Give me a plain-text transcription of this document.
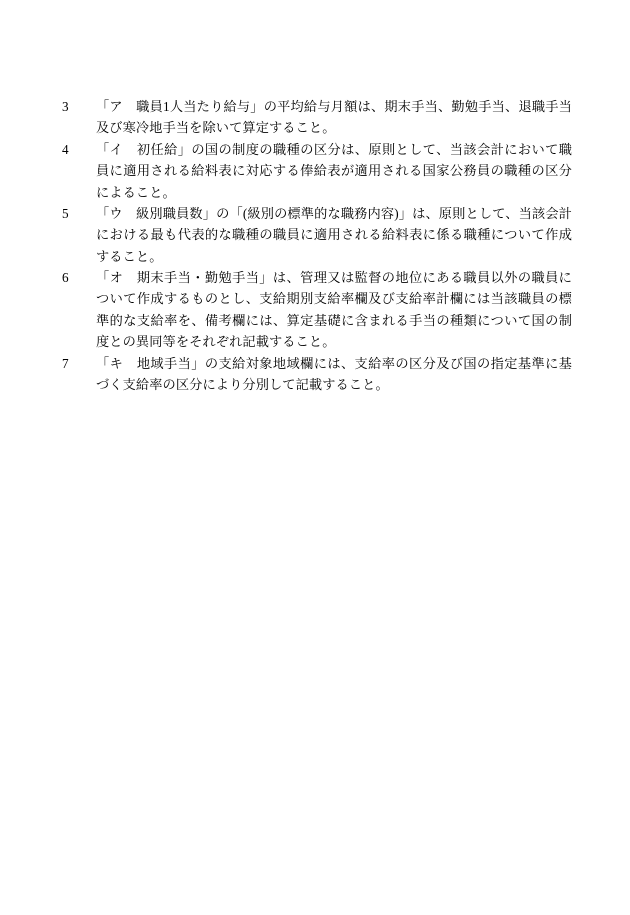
3	「ア　職員1人当たり給与」の平均給与月額は、期末手当、勤勉手当、退職手当及び寒冷地手当を除いて算定すること。
4	「イ　初任給」の国の制度の職種の区分は、原則として、当該会計において職員に適用される給料表に対応する俸給表が適用される国家公務員の職種の区分によること。
5	「ウ　級別職員数」の「(級別の標準的な職務内容)」は、原則として、当該会計における最も代表的な職種の職員に適用される給料表に係る職種について作成すること。
6	「オ　期末手当・勤勉手当」は、管理又は監督の地位にある職員以外の職員について作成するものとし、支給期別支給率欄及び支給率計欄には当該職員の標準的な支給率を、備考欄には、算定基礎に含まれる手当の種類について国の制度との異同等をそれぞれ記載すること。
7	「キ　地域手当」の支給対象地域欄には、支給率の区分及び国の指定基準に基づく支給率の区分により分別して記載すること。
